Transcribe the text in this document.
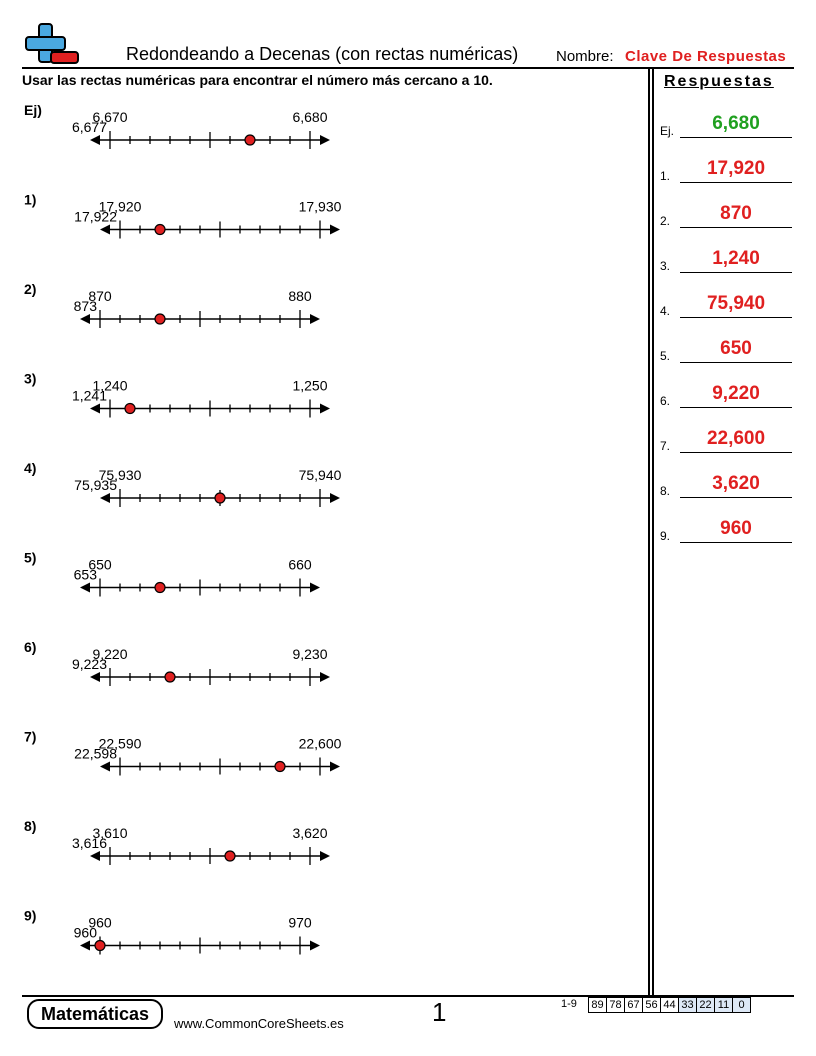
Redondeando a Decenas (con rectas numéricas)	Nombre: Clave De Respuestas
Usar las rectas numéricas para encontrar el número más cercano a 10.	Respuestas
Ej.	6,680
1.	17,920
2.	870
3.	1,240
4.	75,940
5.	650
6.	9,220
7.	22,600
8.	3,620
9.	960
Ej)
6,677
6,670	6,680
1)
17,922
17,920	17,930
2)
873
870	880
3)
1,241
1,240	1,250
4)
75,935
75,930	75,940
5)
653
650	660
6)
9,223
9,220	9,230
7)
22,598
22,590	22,600
8)
3,616
3,610	3,620
9)
960
960	970
Matemáticas	www.CommonCoreSheets.es	1	1-9 89	78	67	56	44	33	22	11	0
